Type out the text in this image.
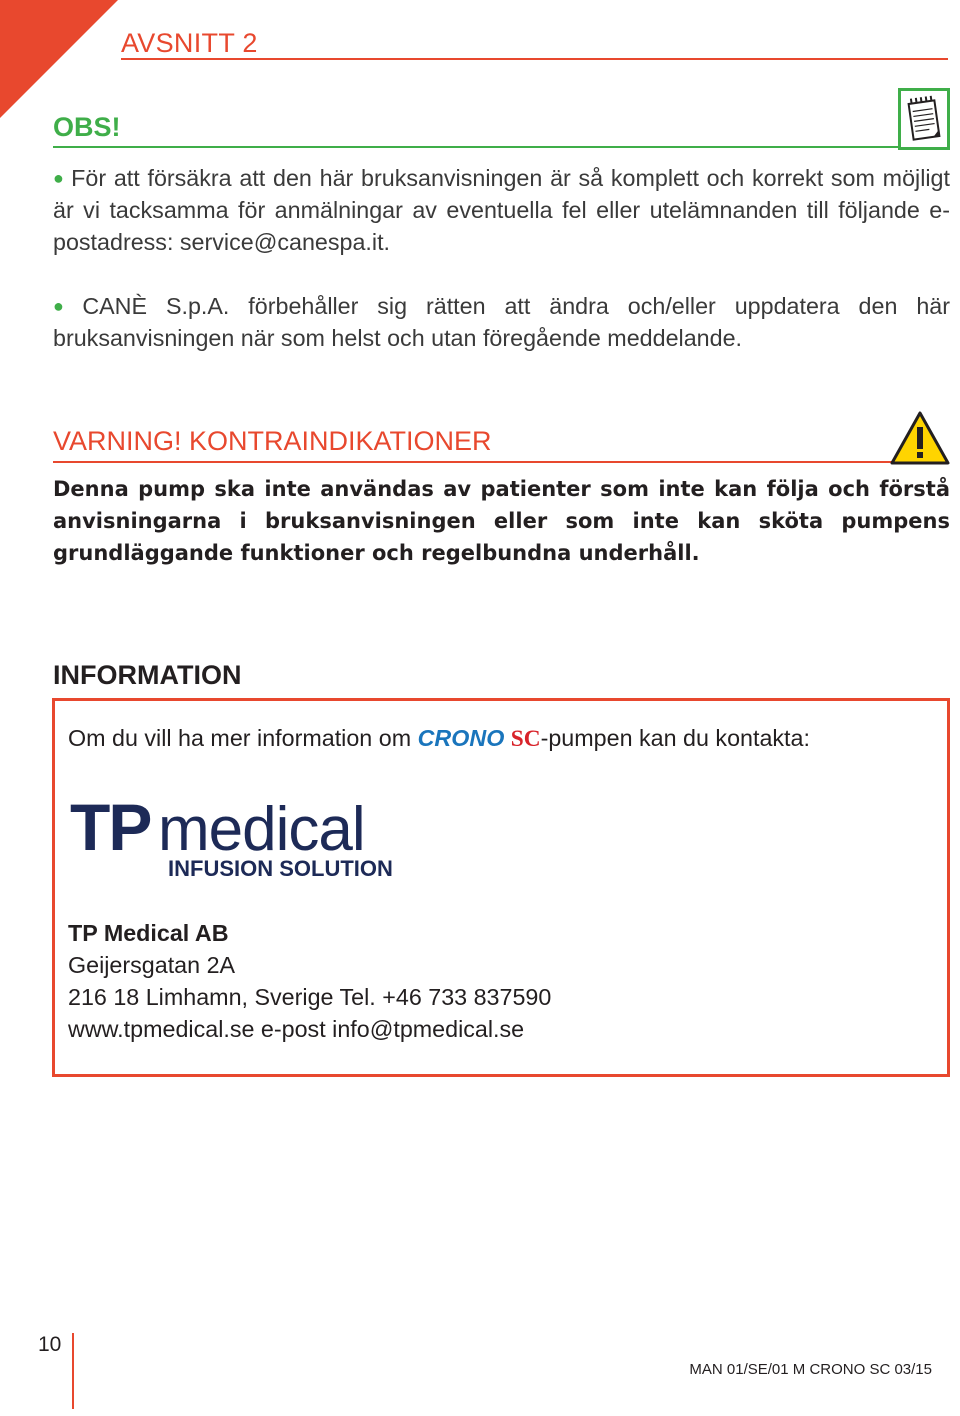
AVSNITT 2
OBS!

● För att försäkra att den här bruksanvisningen är så komplett och korrekt som möjligt är vi tacksamma för anmälningar av eventuella fel eller utelämnanden till följande e-postadress: service@canespa.it.

● CANÈ S.p.A. förbehåller sig rätten att ändra och/eller uppdatera den här bruksanvisningen när som helst och utan föregående meddelande.

VARNING! KONTRAINDIKATIONER

Denna pump ska inte användas av patienter som inte kan följa och förstå anvisningarna i bruksanvisningen eller som inte kan sköta pumpens grundläggande funktioner och regelbundna underhåll.

INFORMATION

Om du vill ha mer information om CRONO SC-pumpen kan du kontakta:

TP medical
INFUSION SOLUTION
TP Medical AB
Geijersgatan 2A
216 18 Limhamn, Sverige Tel. +46 733 837590
www.tpmedical.se e-post info@tpmedical.se
10
MAN 01/SE/01 M CRONO SC 03/15
